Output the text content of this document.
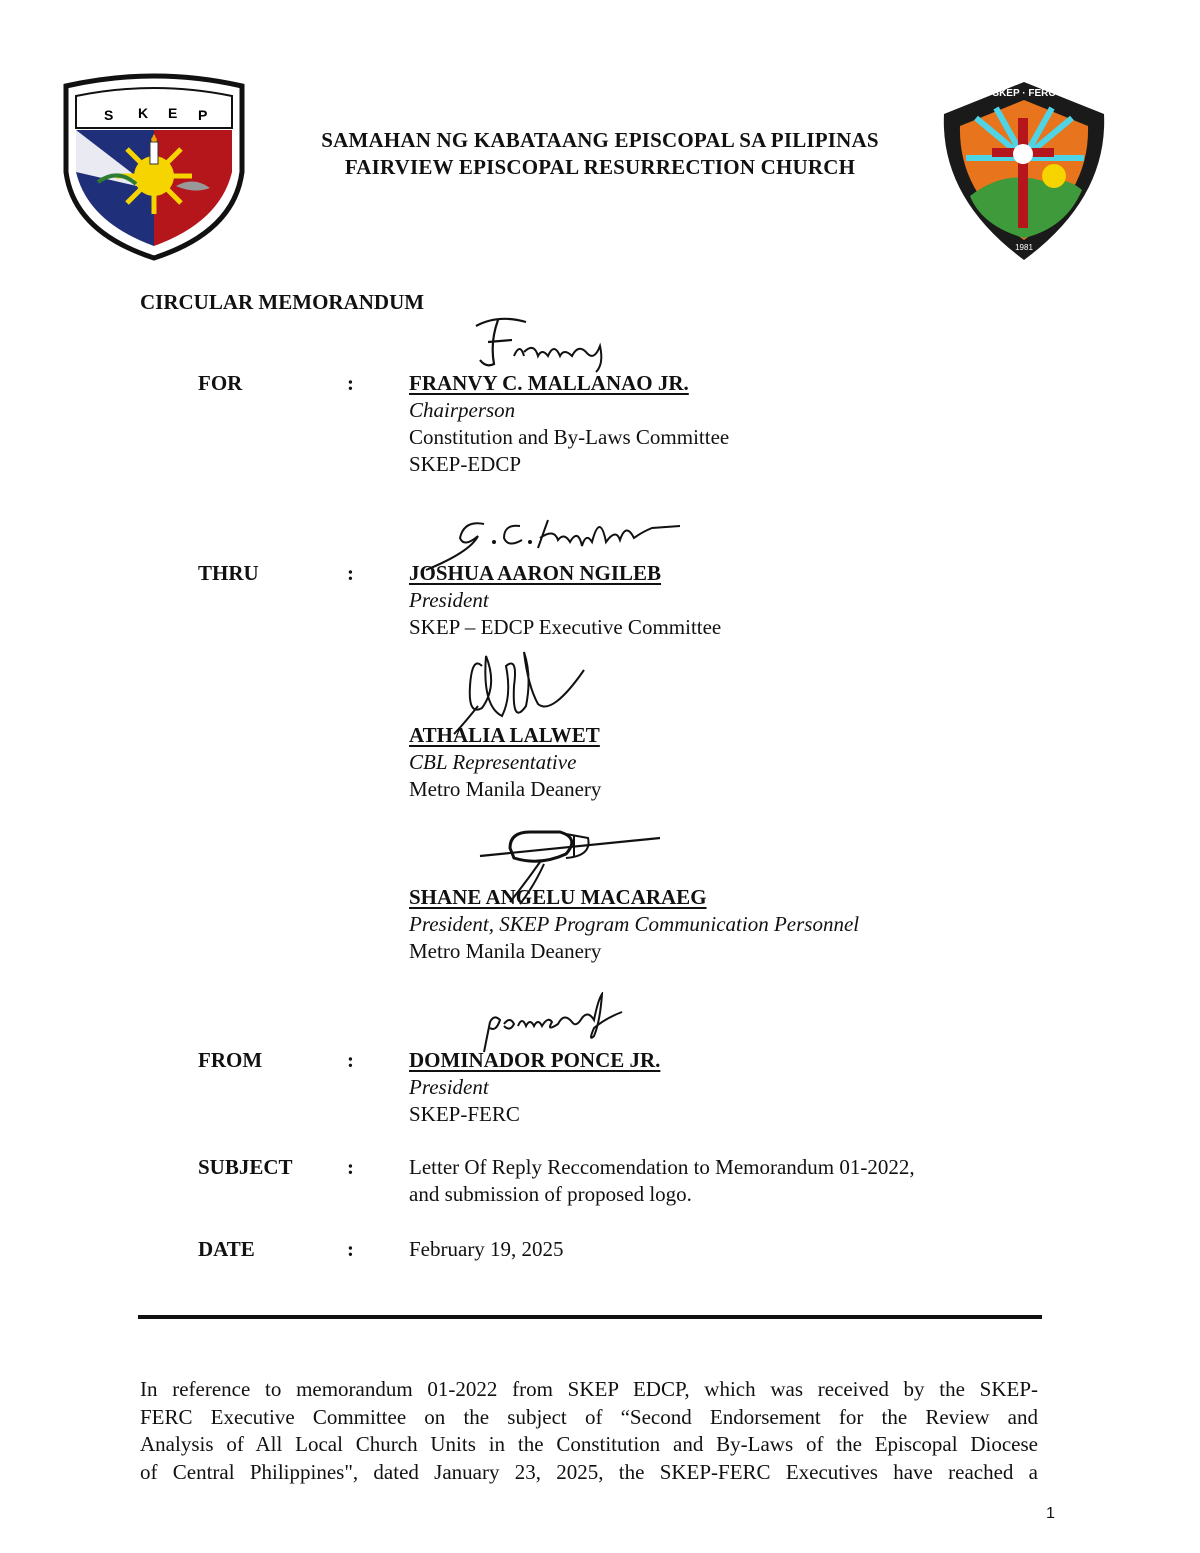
S K E P
SKEP · FERC
1981
SAMAHAN NG KABATAANG EPISCOPAL SA PILIPINAS
FAIRVIEW EPISCOPAL RESURRECTION CHURCH
CIRCULAR MEMORANDUM
FOR	:	FRANVY C. MALLANAO JR.
Chairperson
Constitution and By-Laws Committee
SKEP-EDCP
THRU	:	JOSHUA AARON NGILEB
President
SKEP – EDCP Executive Committee
ATHALIA LALWET
CBL Representative
Metro Manila Deanery
SHANE ANGELU MACARAEG
President, SKEP Program Communication Personnel
Metro Manila Deanery
FROM	:	DOMINADOR PONCE JR.
President
SKEP-FERC
SUBJECT	:	Letter Of Reply Reccomendation to Memorandum 01-2022,
and submission of proposed logo.
DATE	:	February 19, 2025
In reference to memorandum 01-2022 from SKEP EDCP, which was received by the SKEP-
FERC Executive Committee on the subject of “Second Endorsement for the Review and
Analysis of All Local Church Units in the Constitution and By-Laws of the Episcopal Diocese
of Central Philippines", dated January 23, 2025, the SKEP-FERC Executives have reached a
1
